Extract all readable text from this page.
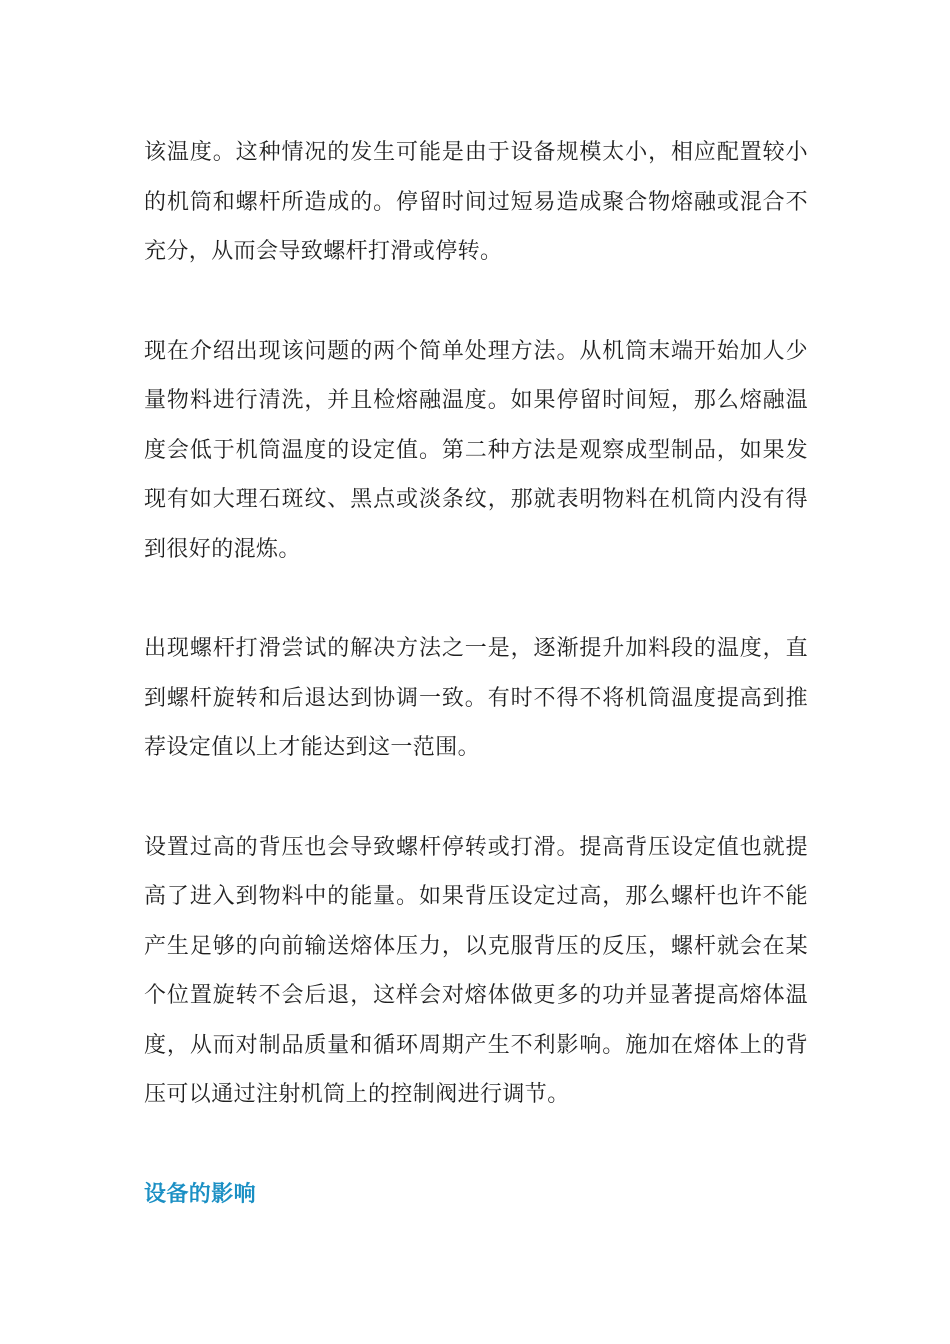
该温度。这种情况的发生可能是由于设备规模太小，相应配置较小的机筒和螺杆所造成的。停留时间过短易造成聚合物熔融或混合不充分，从而会导致螺杆打滑或停转。

现在介绍出现该问题的两个简单处理方法。从机筒末端开始加人少量物料进行清洗，并且检熔融温度。如果停留时间短，那么熔融温度会低于机筒温度的设定值。第二种方法是观察成型制品，如果发现有如大理石斑纹、黑点或淡条纹，那就表明物料在机筒内没有得到很好的混炼。

出现螺杆打滑尝试的解决方法之一是，逐渐提升加料段的温度，直到螺杆旋转和后退达到协调一致。有时不得不将机筒温度提高到推荐设定值以上才能达到这一范围。

设置过高的背压也会导致螺杆停转或打滑。提高背压设定值也就提高了进入到物料中的能量。如果背压设定过高，那么螺杆也许不能产生足够的向前输送熔体压力，以克服背压的反压，螺杆就会在某个位置旋转不会后退，这样会对熔体做更多的功并显著提高熔体温度，从而对制品质量和循环周期产生不利影响。施加在熔体上的背压可以通过注射机筒上的控制阀进行调节。

设备的影响
